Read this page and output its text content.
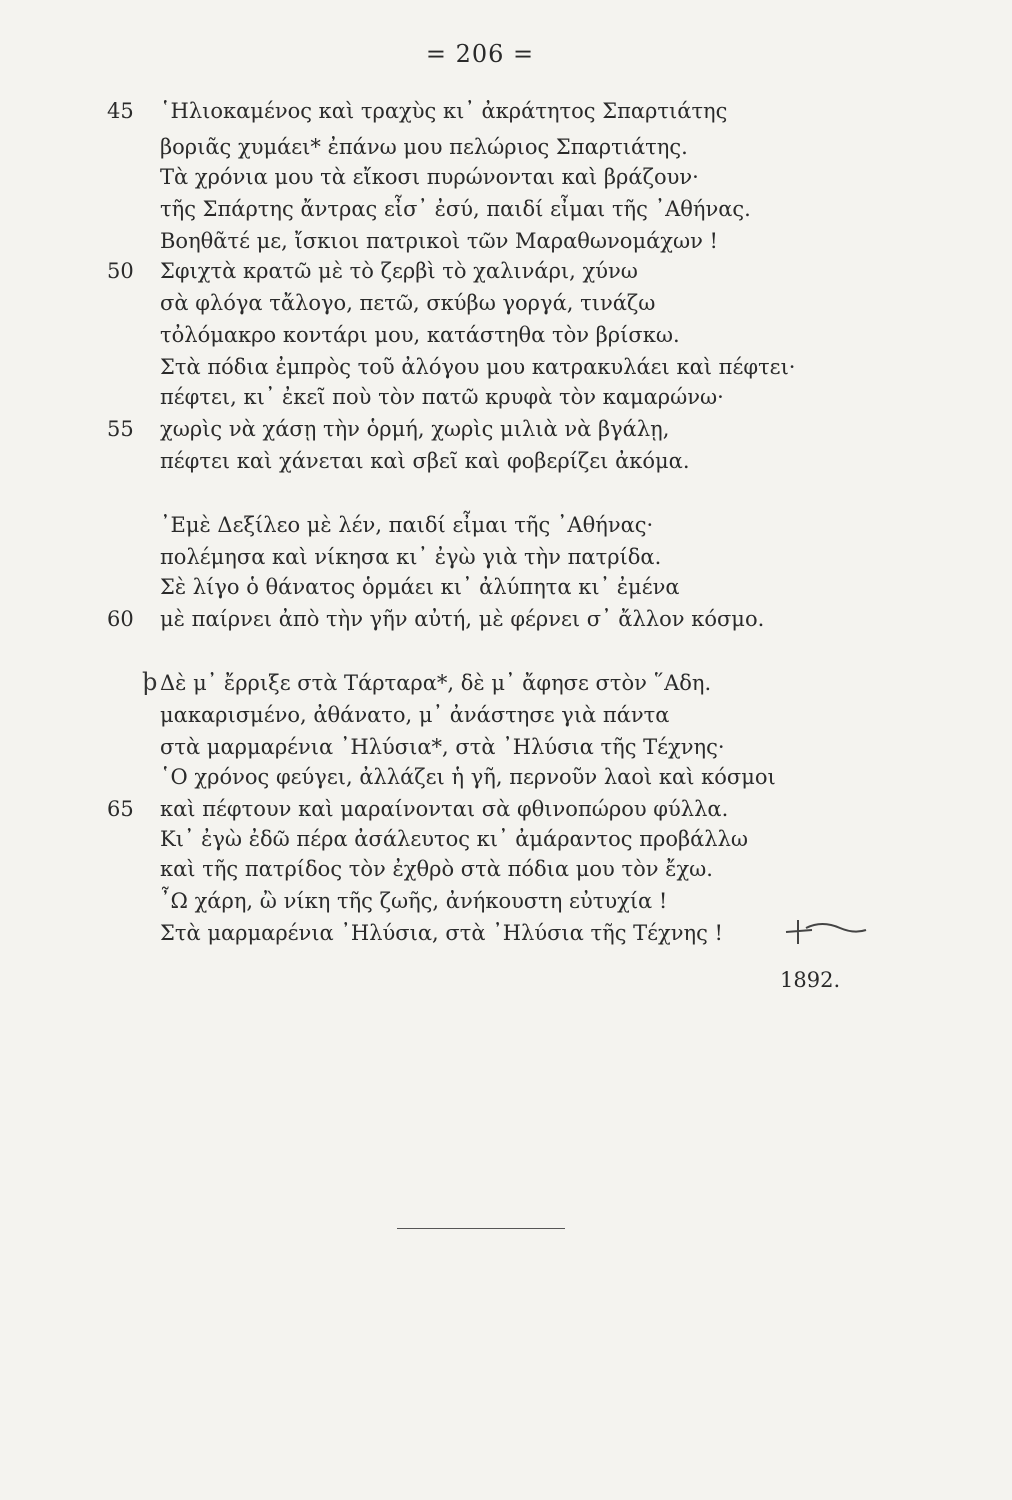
= 206 =
45 ῾Ηλιοκαμένος καὶ τραχὺς κι᾽ ἀκράτητος Σπαρτιάτης
βοριᾶς χυμάει* ἐπάνω μου πελώριος Σπαρτιάτης.
Τὰ χρόνια μου τὰ εἴκοσι πυρώνονται καὶ βράζουν·
τῆς Σπάρτης ἄντρας εἶσ᾽ ἐσύ, παιδί εἶμαι τῆς ᾽Αθήνας.
Βοηθᾶτέ με, ἴσκιοι πατρικοὶ τῶν Μαραθωνομάχων !
50 Σφιχτὰ κρατῶ μὲ τὸ ζερβὶ τὸ χαλινάρι, χύνω
σὰ φλόγα τἄλογο, πετῶ, σκύβω γοργά, τινάζω
τὀλόμακρο κοντάρι μου, κατάστηθα τὸν βρίσκω.
Στὰ πόδια ἐμπρὸς τοῦ ἀλόγου μου κατρακυλάει καὶ πέφτει·
πέφτει, κι᾽ ἐκεῖ ποὺ τὸν πατῶ κρυφὰ τὸν καμαρώνω·
55 χωρὶς νὰ χάσῃ τὴν ὁρμή, χωρὶς μιλιὰ νὰ βγάλῃ,
πέφτει καὶ χάνεται καὶ σβεῖ καὶ φοβερίζει ἀκόμα.
᾽Εμὲ Δεξίλεο μὲ λέν, παιδί εἶμαι τῆς ᾽Αθήνας·
πολέμησα καὶ νίκησα κι᾽ ἐγὼ γιὰ τὴν πατρίδα.
Σὲ λίγο ὁ θάνατος ὁρμάει κι᾽ ἀλύπητα κι᾽ ἐμένα
60 μὲ παίρνει ἀπὸ τὴν γῆν αὐτή, μὲ φέρνει σ᾽ ἄλλον κόσμο.
ϸ Δὲ μ᾽ ἔρριξε στὰ Τάρταρα*, δὲ μ᾽ ἄφησε στὸν ῞Αδη.
μακαρισμένο, ἀθάνατο, μ᾽ ἀνάστησε γιὰ πάντα
στὰ μαρμαρένια ᾽Ηλύσια*, στὰ ᾽Ηλύσια τῆς Τέχνης·
῾Ο χρόνος φεύγει, ἀλλάζει ἡ γῆ, περνοῦν λαοὶ καὶ κόσμοι
65 καὶ πέφτουν καὶ μαραίνονται σὰ φθινοπώρου φύλλα.
Κι᾽ ἐγὼ ἐδῶ πέρα ἀσάλευτος κι᾽ ἀμάραντος προβάλλω
καὶ τῆς πατρίδος τὸν ἐχθρὸ στὰ πόδια μου τὸν ἔχω.
῏Ω χάρη, ὢ νίκη τῆς ζωῆς, ἀνήκουστη εὐτυχία !
Στὰ μαρμαρένια ᾽Ηλύσια, στὰ ᾽Ηλύσια τῆς Τέχνης !
1892.
